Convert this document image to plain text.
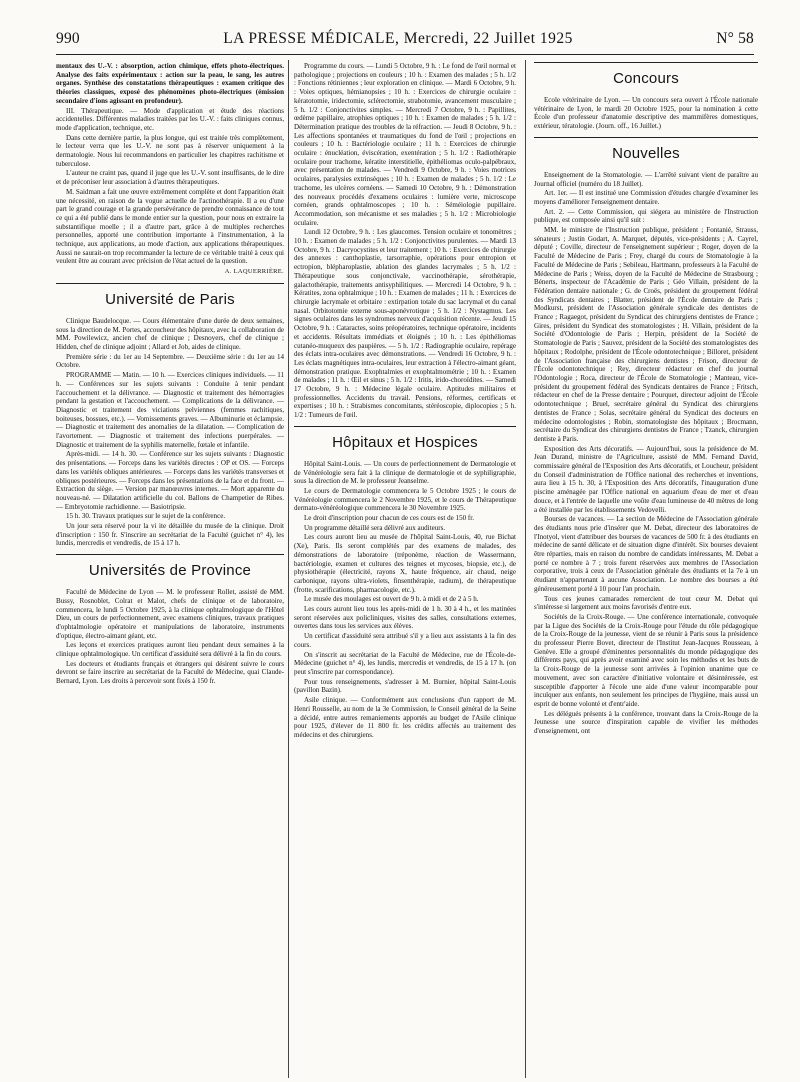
990	LA PRESSE MÉDICALE, Mercredi, 22 Juillet 1925	N° 58

mentaux des U.-V. : absorption, action chimique, effets photo-électriques. Analyse des faits expérimentaux : action sur la peau, le sang, les autres organes. Synthèse des constatations thérapeutiques : examen critique des théories classiques, exposé des phénomènes photo-électriques (émission secondaire d'ions agissant en profondeur).

III. Thérapeutique. — Mode d'application et étude des réactions accidentelles. Différentes maladies traitées par les U.-V. : faits cliniques connus, mode d'application, technique, etc.

Dans cette dernière partie, la plus longue, qui est traitée très complètement, le lecteur verra que les U.-V. ne sont pas à réserver uniquement à la dermatologie. Nous lui recommandons en particulier les chapitres rachitisme et tuberculose.

L'auteur ne craint pas, quand il juge que les U.-V. sont insuffisants, de le dire et de préconiser leur association à d'autres thérapeutiques.

M. Saidman a fait une œuvre extrêmement complète et dont l'apparition était une nécessité, en raison de la vogue actuelle de l'actinothérapie. Il a eu d'une part le grand courage et la grande persévérance de prendre connaissance de tout ce qui a été publié dans le monde entier sur la question, pour nous en extraire la substantifique moelle ; il a d'autre part, grâce à de multiples recherches personnelles, apporté une contribution importante à l'instrumentation, à la technique, aux applications, au mode d'action, aux applications thérapeutiques. Aussi ne saurait-on trop recommander la lecture de ce véritable traité à ceux qui veulent être au courant avec précision de l'état actuel de la question.

A. LAQUERRIÈRE.

Université de Paris

Clinique Baudelocque. — Cours élémentaire d'une durée de deux semaines, sous la direction de M. Portes, accoucheur des hôpitaux, avec la collaboration de MM. Powilewicz, ancien chef de clinique ; Desnoyers, chef de clinique ; Hidden, chef de clinique adjoint ; Allard et Job, aides de clinique.

Première série : du 1er au 14 Septembre. — Deuxième série : du 1er au 14 Octobre.

PROGRAMME — Matin. — 10 h. — Exercices cliniques individuels. — 11 h. — Conférences sur les sujets suivants : Conduite à tenir pendant l'accouchement et la délivrance. — Diagnostic et traitement des hémorragies pendant la gestation et l'accouchement. — Complications de la délivrance. — Diagnostic et traitement des viciations pelviennes (femmes rachitiques, boiteuses, bossues, etc.). — Vomissements graves. — Albuminurie et éclampsie. — Diagnostic et traitement des anomalies de la dilatation. — Complication de l'avortement. — Diagnostic et traitement des infections puerpérales. — Diagnostic et traitement de la syphilis maternelle, fœtale et infantile.

Après-midi. — 14 h. 30. — Conférence sur les sujets suivants : Diagnostic des présentations. — Forceps dans les variétés directes : OP et OS. — Forceps dans les variétés obliques antérieures. — Forceps dans les variétés transverses et obliques postérieures. — Forceps dans les présentations de la face et du front. — Extraction du siège. — Version par manœuvres internes. — Mort apparente du nouveau-né. — Dilatation artificielle du col. Ballons de Champetier de Ribes. — Embryotomie rachidienne. — Basiotripsie.

15 h. 30. Travaux pratiques sur le sujet de la conférence.

Un jour sera réservé pour la vi ite détaillée du musée de la clinique. Droit d'inscription : 150 fr. S'inscrire au secrétariat de la Faculté (guichet n° 4), les lundis, mercredis et vendredis, de 15 à 17 h.

Universités de Province

Faculté de Médecine de Lyon — M. le professeur Rollet, assisté de MM. Bussy, Rosnoblet, Colrat et Malot, chefs de clinique et de laboratoire, commencera, le lundi 5 Octobre 1925, à la clinique ophtalmologique de l'Hôtel Dieu, un cours de perfectionnement, avec examens cliniques, travaux pratiques d'ophtalmologie opératoire et manipulations de laboratoire, instruments d'optique, électro-aimant géant, etc.

Les leçons et exercices pratiques auront lieu pendant deux semaines à la clinique ophtalmologique. Un certificat d'assiduité sera délivré à la fin du cours.

Les docteurs et étudiants français et étrangers qui désirent suivre le cours devront se faire inscrire au secrétariat de la Faculté de Médecine, quai Claude-Bernard, Lyon. Les droits à percevoir sont fixés à 150 fr.

Programme du cours. — Lundi 5 Octobre, 9 h. : Le fond de l'œil normal et pathologique ; projections en couleurs ; 10 h. : Examen des malades ; 5 h. 1/2 : Fonctions rétiniennes ; leur exploration en clinique. — Mardi 6 Octobre, 9 h. : Voies optiques, hémianopsies ; 10 h. : Exercices de chirurgie oculaire : kératotomie, iridectomie, sclérectomie, strabotomie, avancement musculaire ; 5 h. 1/2 : Conjonctivites simples. — Mercredi 7 Octobre, 9 h. : Papillites, œdème papillaire, atrophies optiques ; 10 h. : Examen de malades ; 5 h. 1/2 : Détermination pratique des troubles de la réfraction. — Jeudi 8 Octobre, 9 h. : Les affections spontanées et traumatiques du fond de l'œil ; projections en couleurs ; 10 h. : Bactériologie oculaire ; 11 h. : Exercices de chirurgie oculaire : énucléation, éviscération, exentération ; 5 h. 1/2 : Radiothérapie oculaire pour trachome, kératite interstitielle, épithéliomas oculo-palpébraux, avec présentation de malades. — Vendredi 9 Octobre, 9 h. : Voies motrices oculaires, paralysies extrinsèques ; 10 h. : Examen de malades ; 5 h. 1/2 : Le trachome, les ulcères cornéens. — Samedi 10 Octobre, 9 h. : Démonstration des nouveaux procédés d'examens oculaires : lumière verte, microscope cornéen, grands ophtalmoscopes ; 10 h. : Séméiologie pupillaire. Accommodation, son mécanisme et ses maladies ; 5 h. 1/2 : Microbiologie oculaire.

Lundi 12 Octobre, 9 h. : Les glaucomes. Tension oculaire et tonomètres ; 10 h. : Examen de malades ; 5 h. 1/2 : Conjonctivites purulentes. — Mardi 13 Octobre, 9 h. : Dacryocystites et leur traitement ; 10 h. : Exercices de chirurgie des annexes : canthoplastie, tarsorraphie, opérations pour entropion et ectropion, blépharoplastie, ablation des glandes lacrymales ; 5 h. 1/2 : Thérapeutique sous conjonctivale, vaccinothérapie, sérothérapie, galactothérapie, traitements antisyphilitiques. — Mercredi 14 Octobre, 9 h. : Kératites, zona ophtalmique ; 10 h. : Examen de malades ; 11 h. : Exercices de chirurgie lacrymale et orbitaire : extirpation totale du sac lacrymal et du canal nasal. Orbitotomie externe sous-aponévrotique ; 5 h. 1/2 : Nystagmus. Les signes oculaires dans les syndromes nerveux d'acquisition récente. — Jeudi 15 Octobre, 9 h. : Cataractes, soins préopératoires, technique opératoire, incidents et accidents. Résultats immédiats et éloignés ; 10 h. : Les épithéliomas cutanéo-muqueux des paupières. — 5 h. 1/2 : Radiographie oculaire, repérage des éclats intra-oculaires avec démonstrations. — Vendredi 16 Octobre, 9 h. : Les éclats magnétiques intra-oculaires, leur extraction à l'électro-aimant géant, démonstration pratique. Exophtalmies et exophtalmométrie ; 10 h. : Examen de malades ; 11 h. : Œil et sinus ; 5 h. 1/2 : Iritis, irido-choroïdites. — Samedi 17 Octobre, 9 h. : Médecine légale oculaire. Aptitudes militaires et professionnelles. Accidents du travail. Pensions, réformes, certificats et expertises ; 10 h. : Strabismes concomitants, stéréoscopie, diplocopies ; 5 h. 1/2 : Tumeurs de l'œil.

Hôpitaux et Hospices

Hôpital Saint-Louis. — Un cours de perfectionnement de Dermatologie et de Vénéréologie sera fait à la clinique de dermatologie et de syphiligraphie, sous la direction de M. le professeur Jeanselme.

Le cours de Dermatologie commencera le 5 Octobre 1925 ; le cours de Vénéréologie commencera le 2 Novembre 1925, et le cours de Thérapeutique dermato-vénéréologique commencera le 30 Novembre 1925.

Le droit d'inscription pour chacun de ces cours est de 150 fr.

Un programme détaillé sera délivré aux auditeurs.

Les cours auront lieu au musée de l'hôpital Saint-Louis, 40, rue Bichat (Xe), Paris. Ils seront complétés par des examens de malades, des démonstrations de laboratoire (tréponème, réaction de Wassermann, bactériologie, examen et cultures des teignes et mycoses, biopsie, etc.), de physiothérapie (électricité, rayons X, haute fréquence, air chaud, neige carbonique, rayons ultra-violets, finsenthérapie, radium), de thérapeutique (frotte, scarifications, pharmacologie, etc.).

Le musée des moulages est ouvert de 9 h. à midi et de 2 à 5 h.

Les cours auront lieu tous les après-midi de 1 h. 30 à 4 h., et les matinées seront réservées aux policliniques, visites des salles, consultations externes, ouvertes dans tous les services aux élèves.

Un certificat d'assiduité sera attribué s'il y a lieu aux assistants à la fin des cours.

On s'inscrit au secrétariat de la Faculté de Médecine, rue de l'École-de-Médecine (guichet n° 4), les lundis, mercredis et vendredis, de 15 à 17 h. (on peut s'inscrire par correspondance).

Pour tous renseignements, s'adresser à M. Burnier, hôpital Saint-Louis (pavillon Bazin).

Asile clinique. — Conformément aux conclusions d'un rapport de M. Henri Rousselle, au nom de la 3e Commission, le Conseil général de la Seine a décidé, entre autres remaniements apportés au budget de l'Asile clinique pour 1925, d'élever de 11 800 fr. les crédits affectés au traitement des médecins et des chirurgiens.

Concours

Ecole vétérinaire de Lyon. — Un concours sera ouvert à l'École nationale vétérinaire de Lyon, le mardi 20 Octobre 1925, pour la nomination à cette École d'un professeur d'anatomie descriptive des mammifères domestiques, extérieur, tératologie. (Journ. off., 16 Juillet.)

Nouvelles

Enseignement de la Stomatologie. — L'arrêté suivant vient de paraître au Journal officiel (numéro du 18 Juillet).

Art. 1er. — Il est institué une Commission d'études chargée d'examiner les moyens d'améliorer l'enseignement dentaire.

Art. 2. — Cette Commission, qui siégera au ministère de l'Instruction publique, est composée ainsi qu'il suit :

MM. le ministre de l'Instruction publique, président ; Fontanié, Strauss, sénateurs ; Justin Godart, A. Marquet, députés, vice-présidents ; A. Cayrel, député ; Coville, directeur de l'enseignement supérieur ; Roger, doyen de la Faculté de Médecine de Paris ; Frey, chargé du cours de Stomatologie à la Faculté de Médecine de Paris ; Sebileau, Hartmann, professeurs à la Faculté de Médecine de Paris ; Weiss, doyen de la Faculté de Médecine de Strasbourg ; Bénerts, inspecteur de l'Académie de Paris ; Géo Villain, président de la Fédération dentaire nationale ; G. de Croës, président du groupement fédéral des Syndicats dentaires ; Blatter, président de l'École dentaire de Paris ; Modkurst, président de l'Association générale syndicale des dentistes de France ; Ragaegot, président du Syndicat des chirurgiens dentistes de France ; Gires, président du Syndicat des stomatologistes ; H. Villain, président de la Société d'Odontologie de Paris ; Herpin, président de la Société de Stomatologie de Paris ; Sauvez, président de la Société des stomatologistes des hôpitaux ; Rodolphe, président de l'École odontotechnique ; Billoret, président de l'Association française des chirurgiens dentistes ; Frison, directeur de l'École odontotechnique ; Rey, directeur rédacteur en chef du journal l'Odontologie ; Roca, directeur de l'École de Stomatologie ; Manteau, vice-président du groupement fédéral des Syndicats dentaires de France ; Fritsch, rédacteur en chef de la Presse dentaire ; Pourquet, directeur adjoint de l'École odontotechnique ; Bruel, secrétaire général du Syndicat des chirurgiens dentistes de France ; Solas, secrétaire général du Syndicat des docteurs en médecine odontologistes ; Robin, stomatologiste des hôpitaux ; Brocmann, secrétaire du Syndicat des chirurgiens dentistes de France ; Tzanck, chirurgien dentiste à Paris.

Exposition des Arts décoratifs. — Aujourd'hui, sous la présidence de M. Jean Durand, ministre de l'Agriculture, assisté de MM. Fernand David, commissaire général de l'Exposition des Arts décoratifs, et Loucheur, président du Conseil d'administration de l'Office national des recherches et inventions, aura lieu à 15 h. 30, à l'Exposition des Arts décoratifs, l'inauguration d'une piscine aménagée par l'Office national en aquarium d'eau de mer et d'eau douce, et à l'entrée de laquelle une voûte d'eau lumineuse de 40 mètres de long a été installée par les établissements Vedovelli.

Bourses de vacances. — La section de Médecine de l'Association générale des étudiants nous prie d'insérer que M. Debat, directeur des laboratoires de l'Inotyol, vient d'attribuer des bourses de vacances de 500 fr. à des étudiants en médecine de santé délicate et de situation digne d'intérêt. Six bourses devaient être réparties, mais en raison du nombre de candidats intéressants, M. Debat a porté ce nombre à 7 ; trois furent réservées aux membres de l'Association corporative, trois à ceux de l'Association générale des étudiants et la 7e à un étudiant n'appartenant à aucune Association. Le nombre des bourses a été généreusement porté à 10 pour l'an prochain.

Tous ces jeunes camarades remercient de tout cœur M. Debat qui s'intéresse si largement aux moins favorisés d'entre eux.

Sociétés de la Croix-Rouge. — Une conférence internationale, convoquée par la Ligue des Sociétés de la Croix-Rouge pour l'étude du rôle pédagogique de la Croix-Rouge de la jeunesse, vient de se réunir à Paris sous la présidence du professeur Pierre Bovet, directeur de l'Institut Jean-Jacques Rousseau, à Genève. Elle a groupé d'éminentes personnalités du monde pédagogique des différents pays, qui après avoir examiné avec soin les méthodes et les buts de la Croix-Rouge de la jeunesse sont arrivées à l'opinion unanime que ce mouvement, avec son caractère d'initiative volontaire et désintéressée, est susceptible d'apporter à l'école une aide d'une valeur incomparable pour inculquer aux enfants, non seulement les principes de l'hygiène, mais aussi un esprit de bonne volonté et d'entr'aide.

Les délégués présents à la conférence, trouvant dans la Croix-Rouge de la Jeunesse une source d'inspiration capable de vivifier les méthodes d'enseignement, ont
